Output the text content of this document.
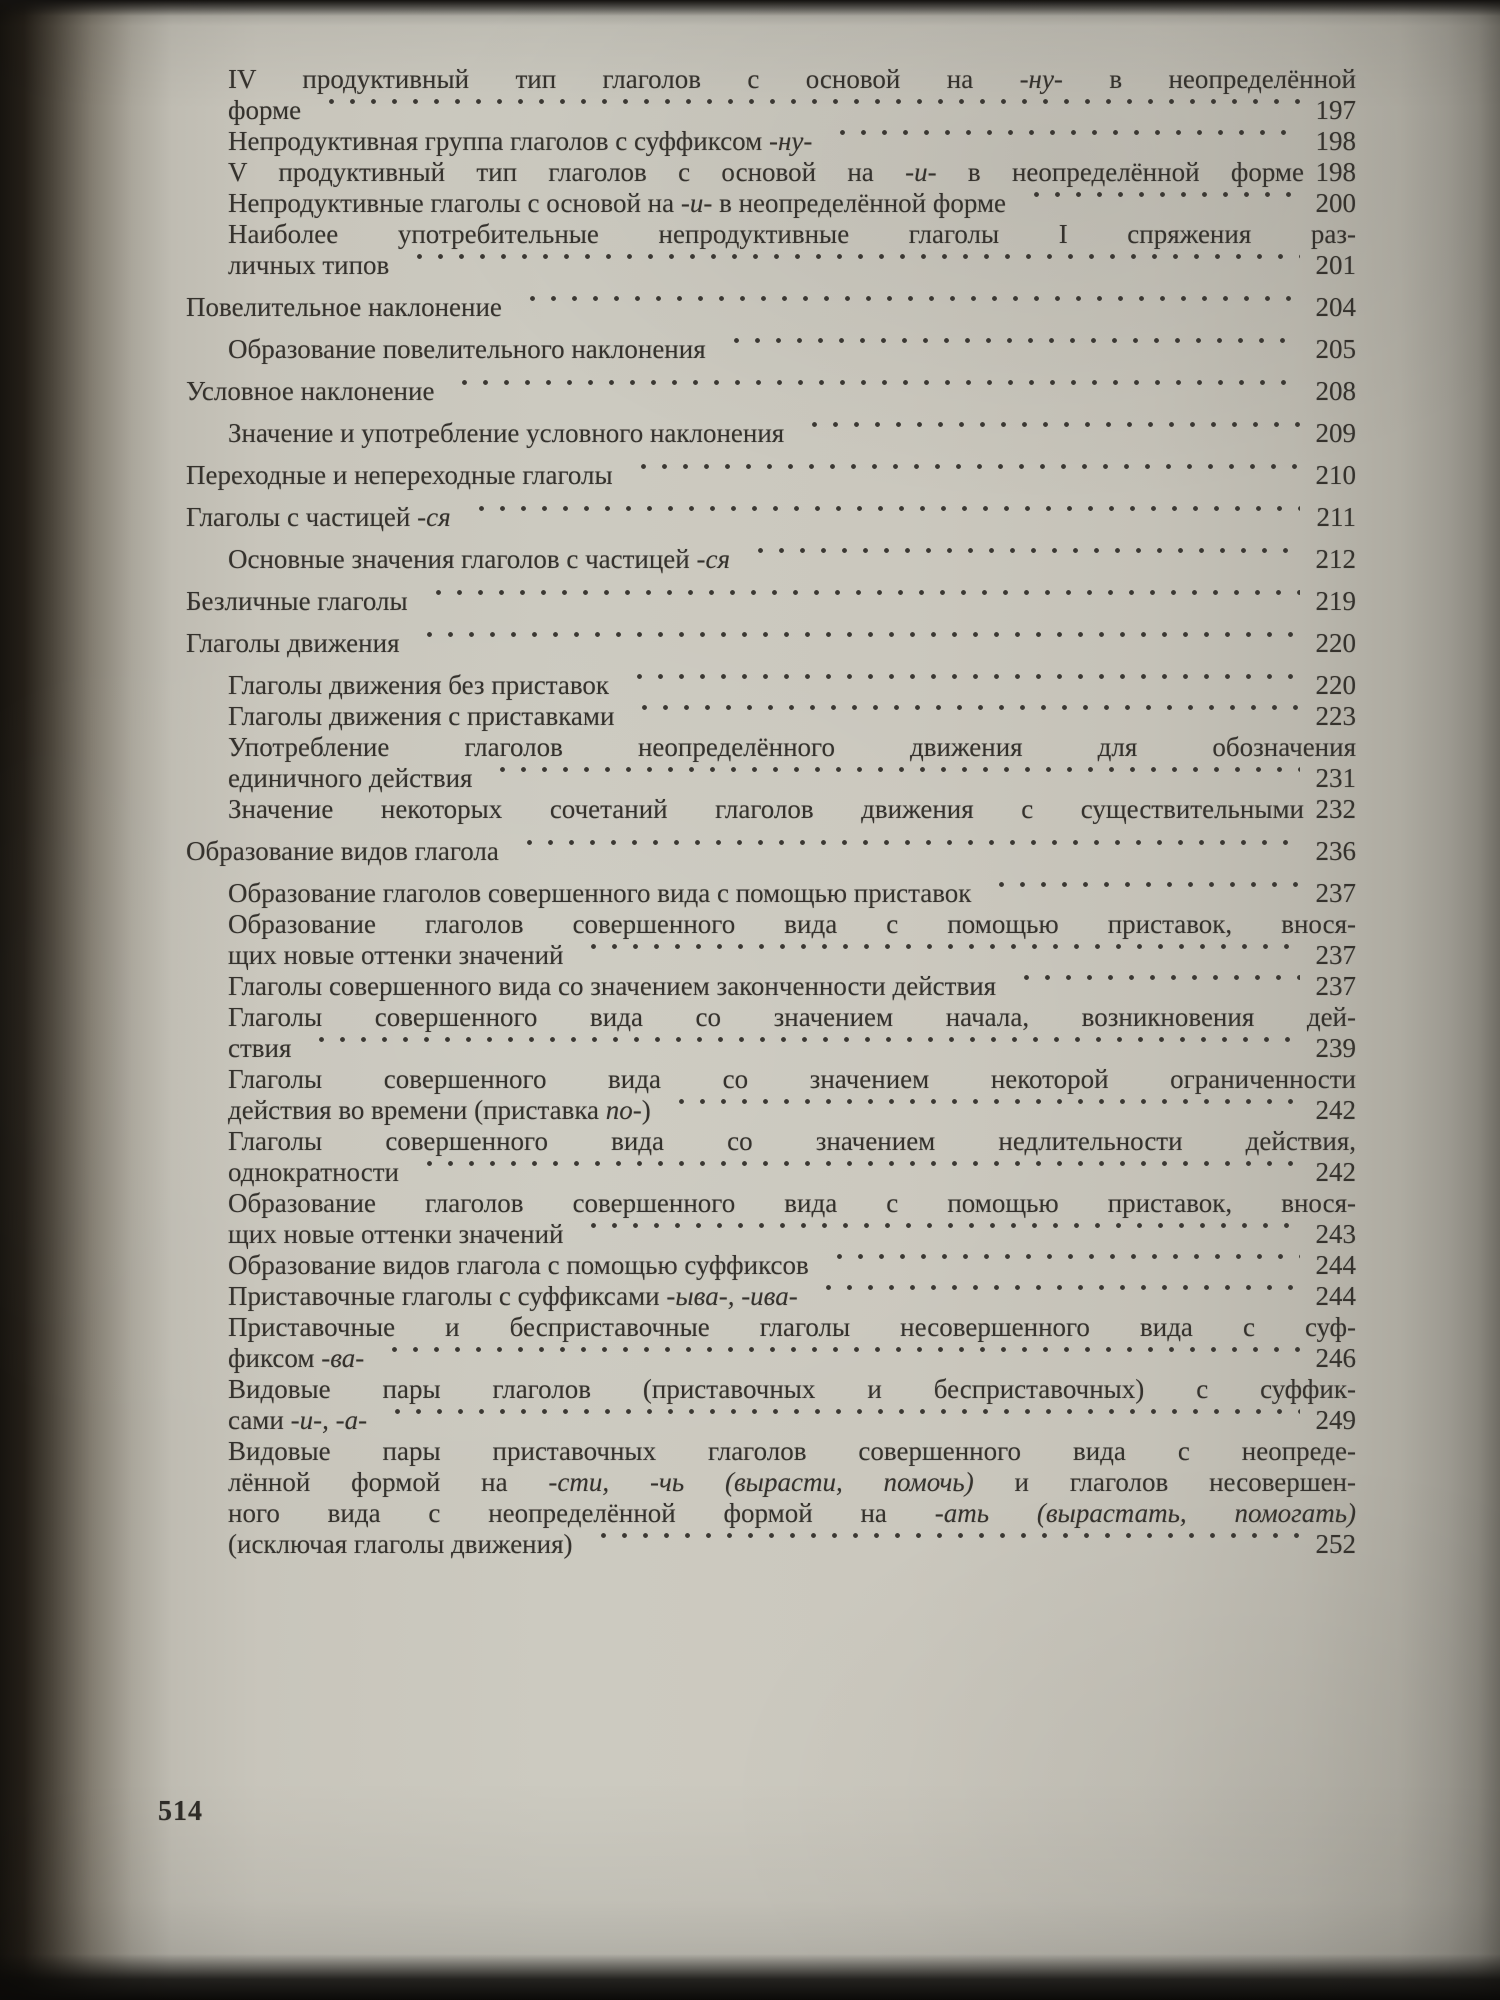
IV продуктивный тип глаголов с основой на -ну- в неопределённой
форме	197
Непродуктивная группа глаголов с суффиксом -ну-	198
V продуктивный тип глаголов с основой на -и- в неопределённой форме 198
Непродуктивные глаголы с основой на -и- в неопределённой форме	200
Наиболее употребительные непродуктивные глаголы I спряжения раз-
личных типов	201
Повелительное наклонение	204
Образование повелительного наклонения	205
Условное наклонение	208
Значение и употребление условного наклонения	209
Переходные и непереходные глаголы	210
Глаголы с частицей -ся	211
Основные значения глаголов с частицей -ся	212
Безличные глаголы	219
Глаголы движения	220
Глаголы движения без приставок	220
Глаголы движения с приставками	223
Употребление глаголов неопределённого движения для обозначения
единичного действия	231
Значение некоторых сочетаний глаголов движения с существительными 232
Образование видов глагола	236
Образование глаголов совершенного вида с помощью приставок	237
Образование глаголов совершенного вида с помощью приставок, внося-
щих новые оттенки значений	237
Глаголы совершенного вида со значением законченности действия	237
Глаголы совершенного вида со значением начала, возникновения дей-
ствия	239
Глаголы совершенного вида со значением некоторой ограниченности
действия во времени (приставка по-)	242
Глаголы совершенного вида со значением недлительности действия,
однократности	242
Образование глаголов совершенного вида с помощью приставок, внося-
щих новые оттенки значений	243
Образование видов глагола с помощью суффиксов	244
Приставочные глаголы с суффиксами -ыва-, -ива-	244
Приставочные и бесприставочные глаголы несовершенного вида с суф-
фиксом -ва-	246
Видовые пары глаголов (приставочных и бесприставочных) с суффик-
сами -и-, -а-	249
Видовые пары приставочных глаголов совершенного вида с неопреде-
лённой формой на -сти, -чь (вырасти, помочь) и глаголов несовершен-
ного вида с неопределённой формой на -ать (вырастать, помогать)
(исключая глаголы движения)	252
514
